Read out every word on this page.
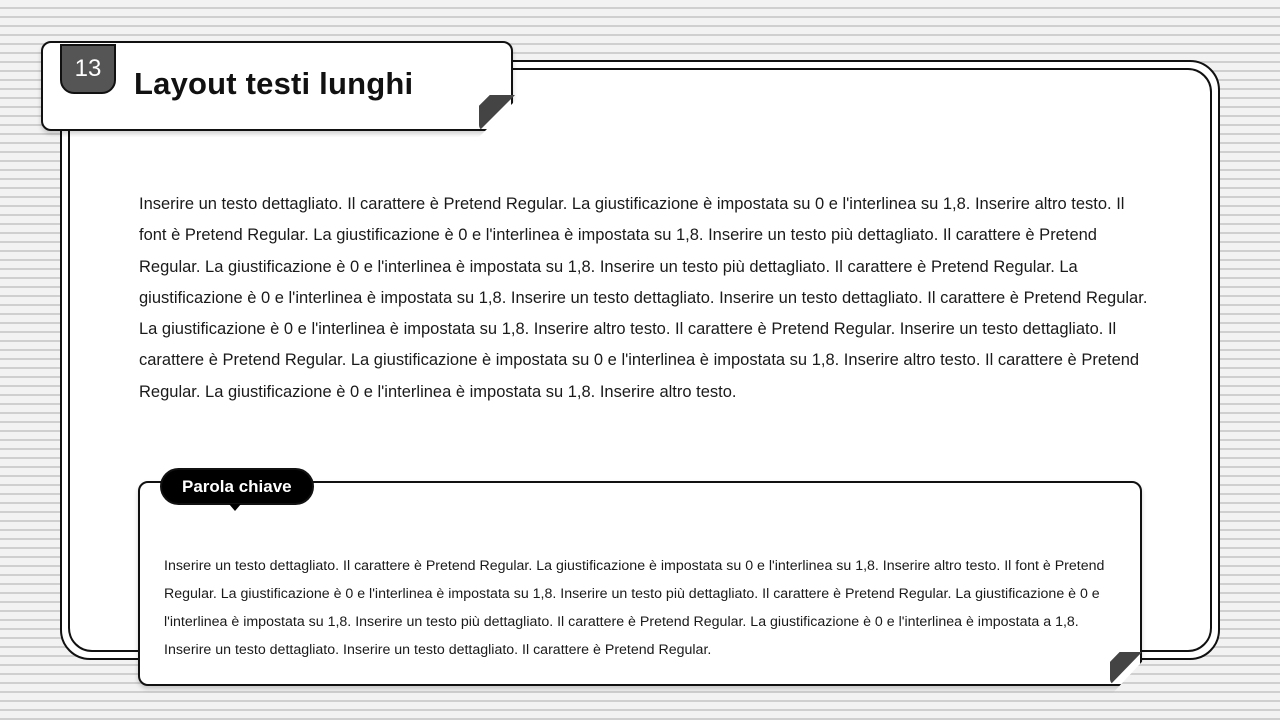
13	Layout testi lunghi

Inserire un testo dettagliato. Il carattere è Pretend Regular. La giustificazione è impostata su 0 e l'interlinea su 1,8. Inserire altro testo. Il font è Pretend Regular. La giustificazione è 0 e l'interlinea è impostata su 1,8. Inserire un testo più dettagliato. Il carattere è Pretend Regular. La giustificazione è 0 e l'interlinea è impostata su 1,8. Inserire un testo più dettagliato. Il carattere è Pretend Regular. La giustificazione è 0 e l'interlinea è impostata su 1,8. Inserire un testo dettagliato. Inserire un testo dettagliato. Il carattere è Pretend Regular. La giustificazione è 0 e l'interlinea è impostata su 1,8. Inserire altro testo. Il carattere è Pretend Regular. Inserire un testo dettagliato. Il carattere è Pretend Regular. La giustificazione è impostata su 0 e l'interlinea è impostata su 1,8. Inserire altro testo. Il carattere è Pretend Regular. La giustificazione è 0 e l'interlinea è impostata su 1,8. Inserire altro testo.

Parola chiave

Inserire un testo dettagliato. Il carattere è Pretend Regular. La giustificazione è impostata su 0 e l'interlinea su 1,8. Inserire altro testo. Il font è Pretend Regular. La giustificazione è 0 e l'interlinea è impostata su 1,8. Inserire un testo più dettagliato. Il carattere è Pretend Regular. La giustificazione è 0 e l'interlinea è impostata su 1,8. Inserire un testo più dettagliato. Il carattere è Pretend Regular. La giustificazione è 0 e l'interlinea è impostata a 1,8. Inserire un testo dettagliato. Inserire un testo dettagliato. Il carattere è Pretend Regular.
